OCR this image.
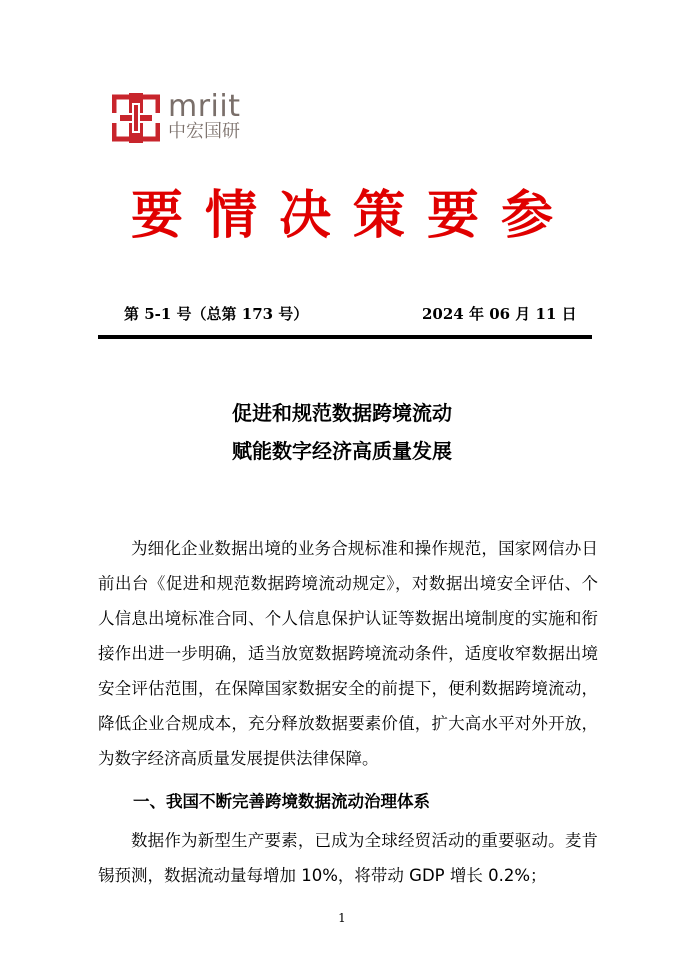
mriit
中宏国研
要情决策要参
第 5-1 号（总第 173 号）	2024 年 06 月 11 日
促进和规范数据跨境流动
赋能数字经济高质量发展

为细化企业数据出境的业务合规标准和操作规范，国家网信办日前出台《促进和规范数据跨境流动规定》，对数据出境安全评估、个人信息出境标准合同、个人信息保护认证等数据出境制度的实施和衔接作出进一步明确，适当放宽数据跨境流动条件，适度收窄数据出境安全评估范围，在保障国家数据安全的前提下，便利数据跨境流动，降低企业合规成本，充分释放数据要素价值，扩大高水平对外开放，为数字经济高质量发展提供法律保障。

一、我国不断完善跨境数据流动治理体系

数据作为新型生产要素，已成为全球经贸活动的重要驱动。麦肯锡预测，数据流动量每增加 10%，将带动 GDP 增长 0.2%；

1
